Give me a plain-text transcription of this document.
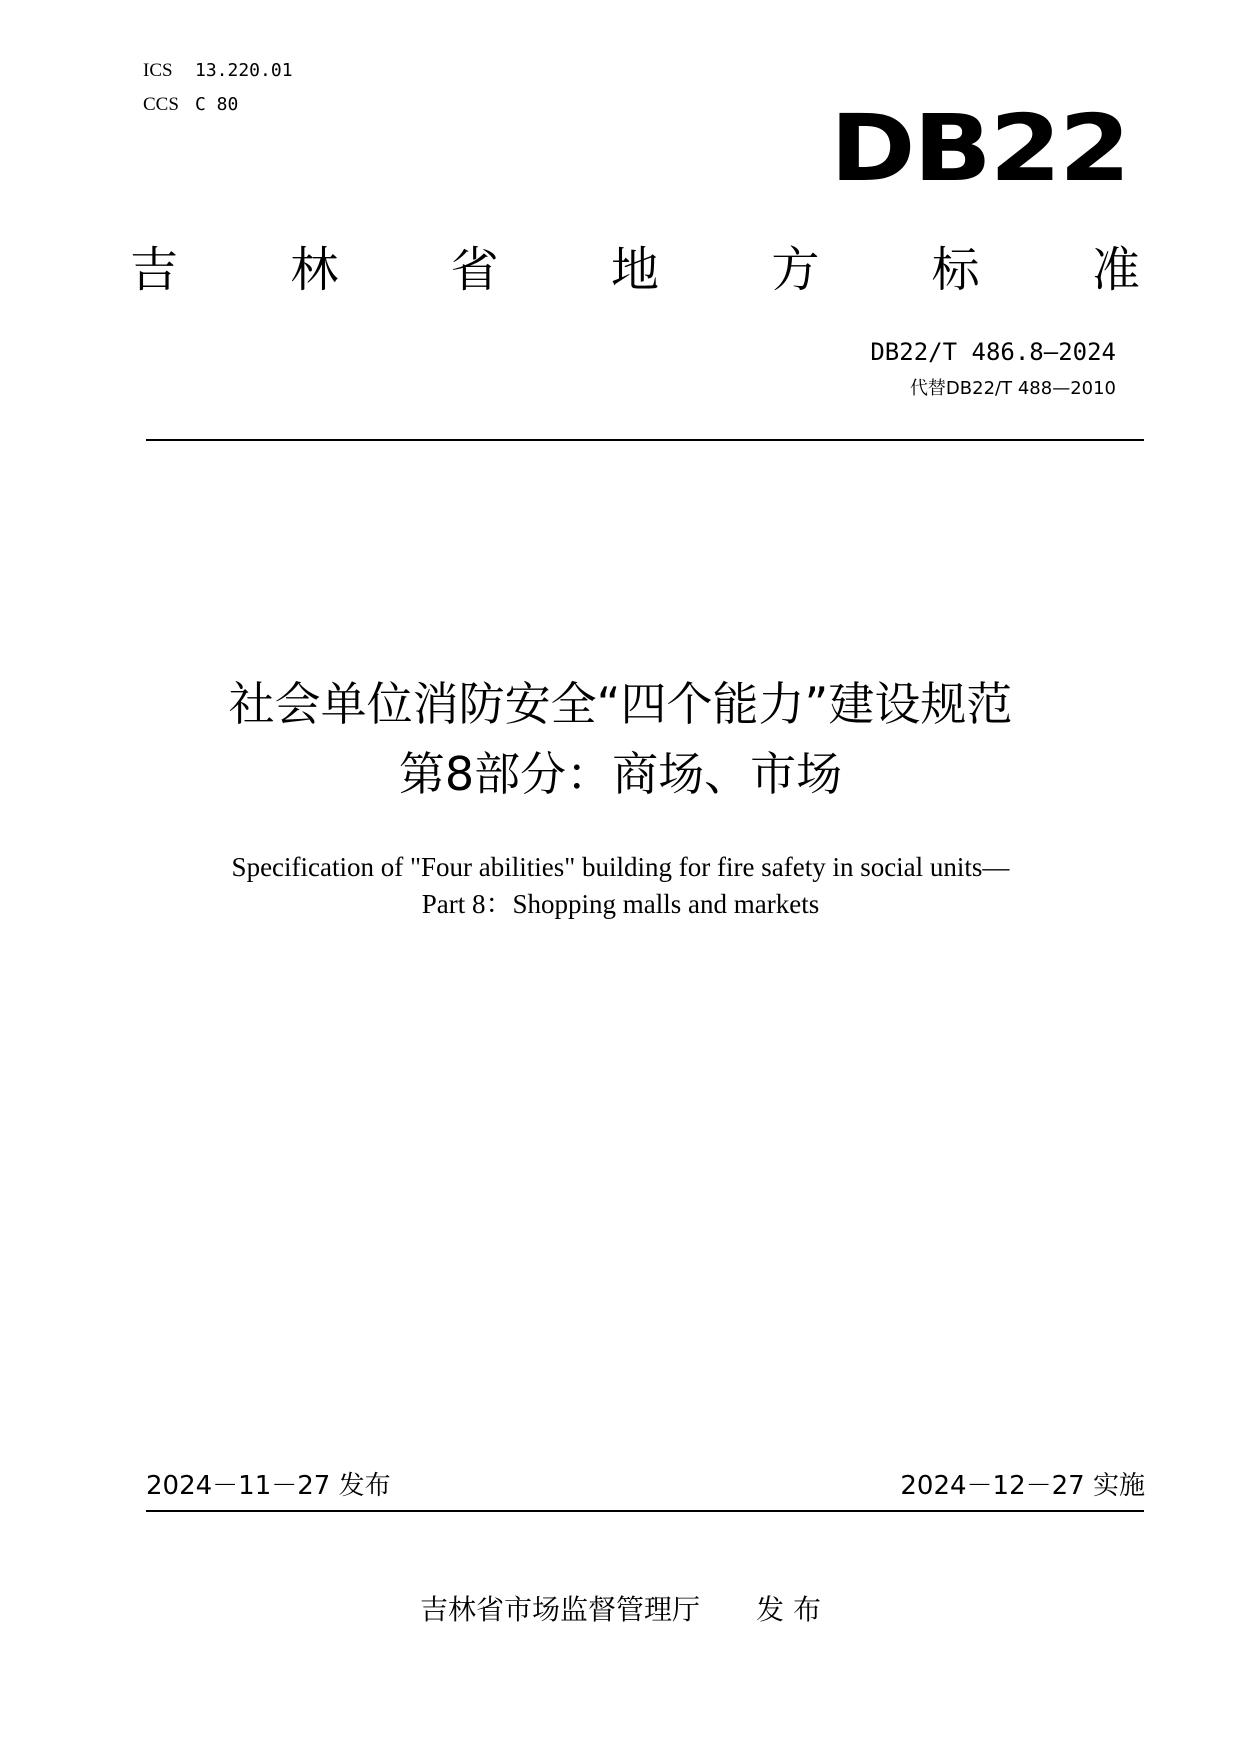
ICS 13.220.01
CCS C 80	DB22
吉 林 省 地 方 标 准
DB22/T 486.8—2024
代替DB22/T 488—2010
社会单位消防安全“四个能力”建设规范
第8部分：商场、市场
Specification of "Four abilities" building for fire safety in social units—
Part 8：Shopping malls and markets
2024－11－27 发布	2024－12－27 实施
吉林省市场监督管理厅 发 布
